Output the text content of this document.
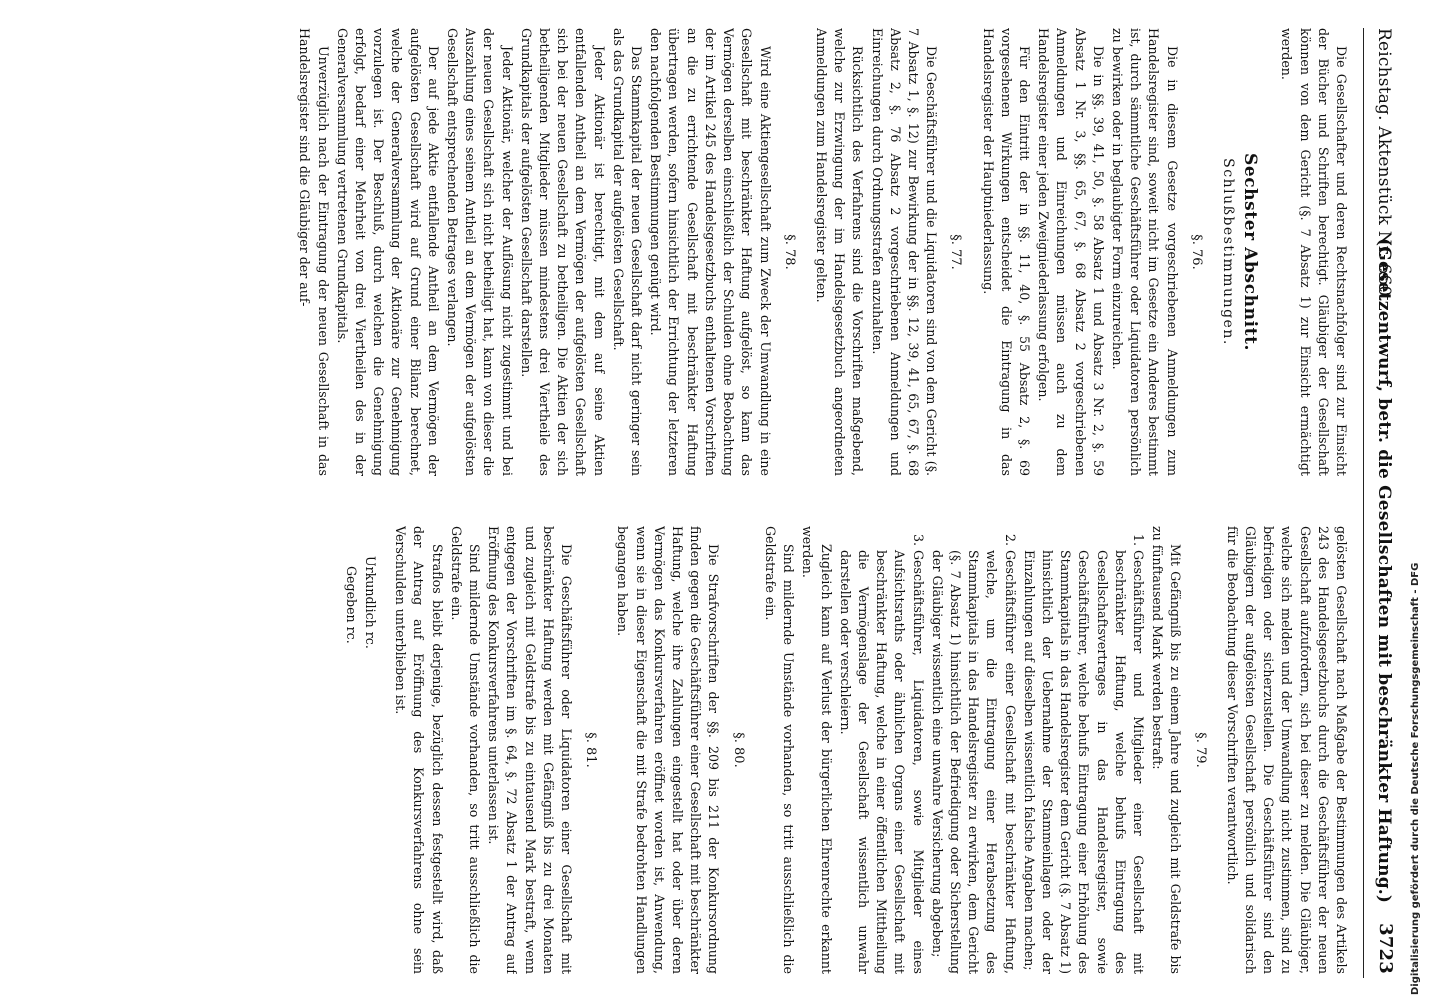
Reichstag. Aktenstück Nr. 660.
(Gesetzentwurf, betr. die Gesellschaften mit beschränkter Haftung.)
3723

Die Gesellschafter und deren Rechtsnachfolger sind zur Einsicht der Bücher und Schriften berechtigt. Gläubiger der Gesellschaft können von dem Gericht (§. 7 Absatz 1) zur Einsicht ermächtigt werden.

Sechster Abschnitt.
Schlußbestimmungen.
§. 76.

Die in diesem Gesetze vorgeschriebenen Anmeldungen zum Handelsregister sind, soweit nicht im Gesetze ein Anderes bestimmt ist, durch sämmtliche Geschäftsführer oder Liquidatoren persönlich zu bewirken oder in beglaubigter Form einzureichen.

Die in §§. 39, 41, 50, §. 58 Absatz 1 und Absatz 3 Nr. 2, §. 59 Absatz 1 Nr. 3, §§. 65, 67, §. 68 Absatz 2 vorgeschriebenen Anmeldungen und Einreichungen müssen auch zu dem Handelsregister einer jeden Zweigniederlassung erfolgen.

Für den Eintritt der in §§. 11, 40, §. 55 Absatz 2, §. 69 vorgesehenen Wirkungen entscheidet die Eintragung in das Handelsregister der Hauptniederlassung.

§. 77.

Die Geschäftsführer und die Liquidatoren sind von dem Gericht (§. 7 Absatz 1, §. 12) zur Bewirkung der in §§. 12, 39, 41, 65, 67, §. 68 Absatz 2, §. 76 Absatz 2 vorgeschriebenen Anmeldungen und Einreichungen durch Ordnungsstrafen anzuhalten.

Rücksichtlich des Verfahrens sind die Vorschriften maßgebend, welche zur Erzwingung der im Handelsgesetzbuch angeordneten Anmeldungen zum Handelsregister gelten.

§. 78.

Wird eine Aktiengesellschaft zum Zweck der Umwandlung in eine Gesellschaft mit beschränkter Haftung aufgelöst, so kann das Vermögen derselben einschließlich der Schulden ohne Beobachtung der im Artikel 245 des Handelsgesetzbuchs enthaltenen Vorschriften an die zu errichtende Gesellschaft mit beschränkter Haftung übertragen werden, sofern hinsichtlich der Errichtung der letzteren den nachfolgenden Bestimmungen genügt wird.

Das Stammkapital der neuen Gesellschaft darf nicht geringer sein als das Grundkapital der aufgelösten Gesellschaft.

Jeder Aktionär ist berechtigt, mit dem auf seine Aktien entfallenden Antheil an dem Vermögen der aufgelösten Gesellschaft sich bei der neuen Gesellschaft zu betheiligen. Die Aktien der sich betheiligenden Mitglieder müssen mindestens drei Viertheile des Grundkapitals der aufgelösten Gesellschaft darstellen.

Jeder Aktionär, welcher der Auflösung nicht zugestimmt und bei der neuen Gesellschaft sich nicht betheiligt hat, kann von dieser die Auszahlung eines seinem Antheil an dem Vermögen der aufgelösten Gesellschaft entsprechenden Betrages verlangen.

Der auf jede Aktie entfallende Antheil an dem Vermögen der aufgelösten Gesellschaft wird auf Grund einer Bilanz berechnet, welche der Generalversammlung der Aktionäre zur Genehmigung vorzulegen ist. Der Beschluß, durch welchen die Genehmigung erfolgt, bedarf einer Mehrheit von drei Viertheilen des in der Generalversammlung vertretenen Grundkapitals.

Unverzüglich nach der Eintragung der neuen Gesellschaft in das Handelsregister sind die Gläubiger der auf-

gelösten Gesellschaft nach Maßgabe der Bestimmungen des Artikels 243 des Handelsgesetzbuchs durch die Geschäftsführer der neuen Gesellschaft aufzufordern, sich bei dieser zu melden. Die Gläubiger, welche sich melden und der Umwandlung nicht zustimmen, sind zu befriedigen oder sicherzustellen. Die Geschäftsführer sind den Gläubigern der aufgelösten Gesellschaft persönlich und solidarisch für die Beobachtung dieser Vorschriften verantwortlich.

§. 79.

Mit Gefängniß bis zu einem Jahre und zugleich mit Geldstrafe bis zu fünftausend Mark werden bestraft:

1. Geschäftsführer und Mitglieder einer Gesellschaft mit beschränkter Haftung, welche behufs Eintragung des Gesellschaftsvertrages in das Handelsregister, sowie Geschäftsführer, welche behufs Eintragung einer Erhöhung des Stammkapitals in das Handelsregister dem Gericht (§. 7 Absatz 1) hinsichtlich der Uebernahme der Stammeinlagen oder der Einzahlungen auf dieselben wissentlich falsche Angaben machen;
2. Geschäftsführer einer Gesellschaft mit beschränkter Haftung, welche, um die Eintragung einer Herabsetzung des Stammkapitals in das Handelsregister zu erwirken, dem Gericht (§. 7 Absatz 1) hinsichtlich der Befriedigung oder Sicherstellung der Gläubiger wissentlich eine unwahre Versicherung abgeben;
3. Geschäftsführer, Liquidatoren, sowie Mitglieder eines Aufsichtsraths oder ähnlichen Organs einer Gesellschaft mit beschränkter Haftung, welche in einer öffentlichen Mittheilung die Vermögenslage der Gesellschaft wissentlich unwahr darstellen oder verschleiern.

Zugleich kann auf Verlust der bürgerlichen Ehrenrechte erkannt werden.

Sind mildernde Umstände vorhanden, so tritt ausschließlich die Geldstrafe ein.

§. 80.

Die Strafvorschriften der §§. 209 bis 211 der Konkursordnung finden gegen die Geschäftsführer einer Gesellschaft mit beschränkter Haftung, welche ihre Zahlungen eingestellt hat oder über deren Vermögen das Konkursverfahren eröffnet worden ist, Anwendung, wenn sie in dieser Eigenschaft die mit Strafe bedrohten Handlungen begangen haben.

§. 81.

Die Geschäftsführer oder Liquidatoren einer Gesellschaft mit beschränkter Haftung werden mit Gefängniß bis zu drei Monaten und zugleich mit Geldstrafe bis zu eintausend Mark bestraft, wenn entgegen der Vorschriften im §. 64, §. 72 Absatz 1 der Antrag auf Eröffnung des Konkursverfahrens unterlassen ist.

Sind mildernde Umstände vorhanden, so tritt ausschließlich die Geldstrafe ein.

Straflos bleibt derjenige, bezüglich dessen festgestellt wird, daß der Antrag auf Eröffnung des Konkursverfahrens ohne sein Verschulden unterblieben ist.

Urkundlich rc.

Gegeben rc.	Digitalisierung gefördert durch die Deutsche Forschungsgemeinschaft - DFG
